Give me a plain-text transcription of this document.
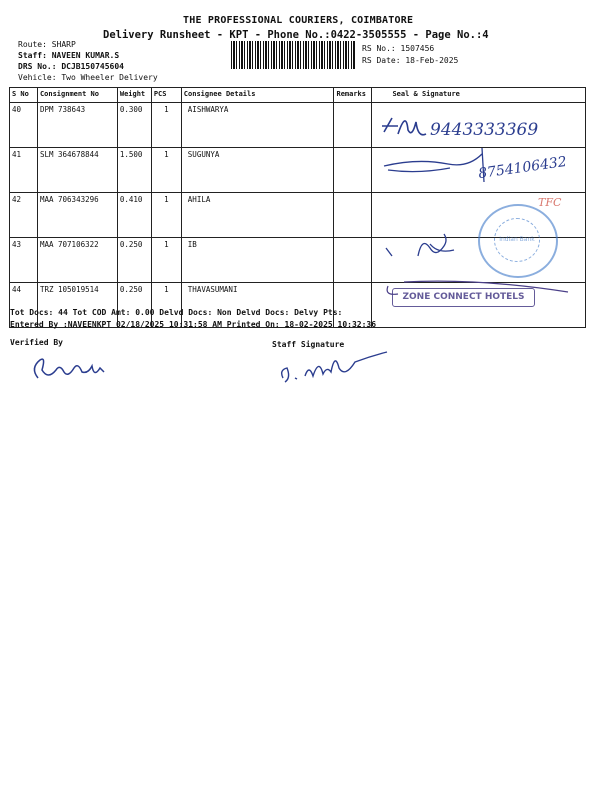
THE PROFESSIONAL COURIERS, COIMBATORE
Delivery Runsheet - KPT - Phone No.:0422-3505555 - Page No.:4
Route: SHARP
Staff: NAVEEN KUMAR.S
DRS No.: DCJB150745604
Vehicle: Two Wheeler Delivery
RS No.: 1507456
RS Date: 18-Feb-2025
S No	Consignment No	Weight	PCS	Consignee Details	Remarks	Seal & Signature
40	DPM 738643	0.300	1	AISHWARYA		
41	SLM 364678844	1.500	1	SUGUNYA		
42	MAA 706343296	0.410	1	AHILA		
43	MAA 707106322	0.250	1	IB		
44	TRZ 105019514	0.250	1	THAVASUMANI		
9443333369
8754106432
TFC
Indian Bank
ZONE CONNECT HOTELS
Tot Docs: 44 Tot COD Amt: 0.00 Delvd Docs: Non Delvd Docs: Delvy Pts:
Entered By :NAVEENKPT 02/18/2025 10:31:58 AM Printed On: 18-02-2025 10:32:36
Verified By	Staff Signature
